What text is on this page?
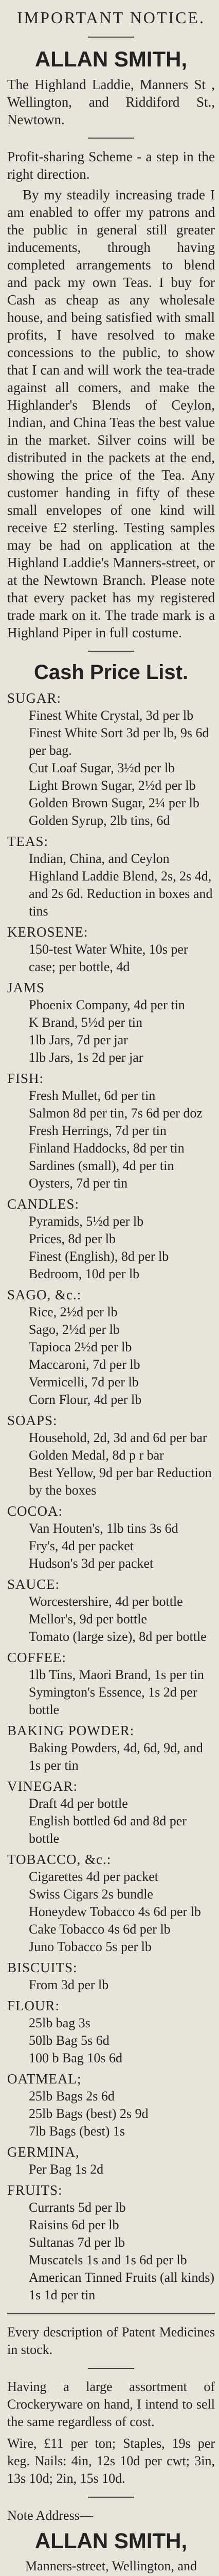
IMPORTANT NOTICE.
ALLAN SMITH,
The Highland Laddie, Manners St , Wellington, and Riddiford St., Newtown.
Profit-sharing Scheme - a step in the right direction.
By my steadily increasing trade I am enabled to offer my patrons and the public in general still greater inducements, through having completed arrangements to blend and pack my own Teas. I buy for Cash as cheap as any wholesale house, and being satisfied with small profits, I have resolved to make concessions to the public, to show that I can and will work the tea-trade against all comers, and make the Highlander's Blends of Ceylon, Indian, and China Teas the best value in the market. Silver coins will be distributed in the packets at the end, showing the price of the Tea. Any customer handing in fifty of these small envelopes of one kind will receive £2 sterling. Testing samples may be had on application at the Highland Laddie's Manners-street, or at the Newtown Branch. Please note that every packet has my registered trade mark on it. The trade mark is a Highland Piper in full costume.
Cash Price List.
SUGAR:
Finest White Crystal, 3d per lb
Finest White Sort 3d per lb, 9s 6d per bag.
Cut Loaf Sugar, 3½d per lb
Light Brown Sugar, 2½d per lb
Golden Brown Sugar, 2¼ per lb
Golden Syrup, 2lb tins, 6d
TEAS:
Indian, China, and Ceylon Highland Laddie Blend, 2s, 2s 4d, and 2s 6d. Reduction in boxes and tins
KEROSENE:
150-test Water White, 10s per case; per bottle, 4d
JAMS
Phoenix Company, 4d per tin
K Brand, 5½d per tin
1lb Jars, 7d per jar
1lb Jars, 1s 2d per jar
FISH:
Fresh Mullet, 6d per tin
Salmon 8d per tin, 7s 6d per doz
Fresh Herrings, 7d per tin
Finland Haddocks, 8d per tin
Sardines (small), 4d per tin
Oysters, 7d per tin
CANDLES:
Pyramids, 5½d per lb
Prices, 8d per lb
Finest (English), 8d per lb
Bedroom, 10d per lb
SAGO, &c.:
Rice, 2½d per lb
Sago, 2½d per lb
Tapioca 2½d per lb
Maccaroni, 7d per lb
Vermicelli, 7d per lb
Corn Flour, 4d per lb
SOAPS:
Household, 2d, 3d and 6d per bar
Golden Medal, 8d p r bar
Best Yellow, 9d per bar Reduction by the boxes
COCOA:
Van Houten's, 1lb tins 3s 6d
Fry's, 4d per packet
Hudson's 3d per packet
SAUCE:
Worcestershire, 4d per bottle
Mellor's, 9d per bottle
Tomato (large size), 8d per bottle
COFFEE:
1lb Tins, Maori Brand, 1s per tin
Symington's Essence, 1s 2d per bottle
BAKING POWDER:
Baking Powders, 4d, 6d, 9d, and 1s per tin
VINEGAR:
Draft 4d per bottle
English bottled 6d and 8d per bottle
TOBACCO, &c.:
Cigarettes 4d per packet
Swiss Cigars 2s bundle
Honeydew Tobacco 4s 6d per lb
Cake Tobacco 4s 6d per lb
Juno Tobacco 5s per lb
BISCUITS:
From 3d per lb
FLOUR:
25lb bag 3s
50lb Bag 5s 6d
100 b Bag 10s 6d
OATMEAL;
25lb Bags 2s 6d
25lb Bags (best) 2s 9d
7lb Bags (best) 1s
GERMINA,
Per Bag 1s 2d
FRUITS:
Currants 5d per lb
Raisins 6d per lb
Sultanas 7d per lb
Muscatels 1s and 1s 6d per lb
American Tinned Fruits (all kinds) 1s 1d per tin
Every description of Patent Medicines in stock.
Having a large assortment of Crockeryware on hand, I intend to sell the same regardless of cost.
Wire, £11 per ton; Staples, 19s per keg. Nails: 4in, 12s 10d per cwt; 3in, 13s 10d; 2in, 15s 10d.
Note Address—
ALLAN SMITH,
Manners-street, Wellington, and
